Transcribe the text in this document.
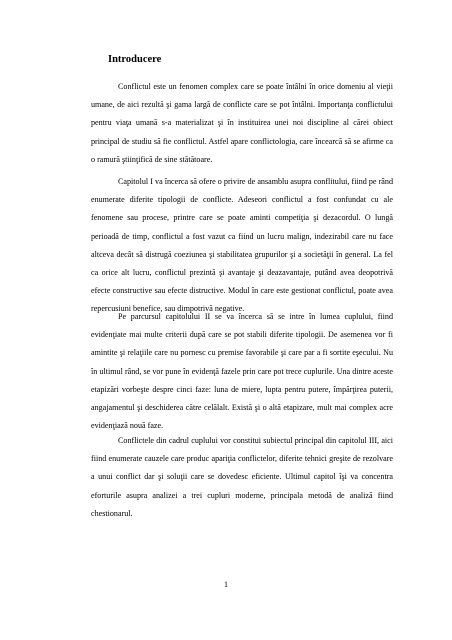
Introducere

Conflictul este un fenomen complex care se poate întâlni în orice domeniu al vieţii umane, de aici rezultă şi gama largă de conflicte care se pot întâlni. Importanţa conflictului pentru viaţa umană s-a materializat şi în instituirea unei noi discipline al cărei obiect principal de studiu să fie conflictul. Astfel apare conflictologia, care încearcă să se afirme ca o ramură ştiinţifică de sine stătătoare.

Capitolul I va încerca să ofere o privire de ansamblu asupra conflitului, fiind pe rând enumerate diferite tipologii de conflicte. Adeseori conflictul a fost confundat cu ale fenomene sau procese, printre care se poate aminti competiţia şi dezacordul. O lungă perioadă de timp, conflictul a fost vazut ca fiind un lucru malign, indezirabil care nu face altceva decât să distrugă coeziunea şi stabilitatea grupurilor şi a societăţii în general. La fel ca orice alt lucru, conflictul prezintă şi avantaje şi deazavantaje, putând avea deopotrivă efecte constructive sau efecte distructive. Modul în care este gestionat conflictul, poate avea repercusiuni benefice, sau dimpotrivă negative.

Pe parcursul capitolului II se va încerca să se intre în lumea cuplului, fiind evidenţiate mai multe criterii după care se pot stabili diferite tipologii. De asemenea vor fi amintite şi relaţiile care nu pornesc cu premise favorabile şi care par a fi sortite eşecului. Nu în ultimul rând, se vor pune în evidenţă fazele prin care pot trece cuplurile. Una dintre aceste etapizări vorbeşte despre cinci faze: luna de miere, lupta pentru putere, împărţirea puterii, angajamentul şi deschiderea către celălalt. Există şi o altă etapizare, mult mai complex acre evidenţiază nouă faze.

Conflictele din cadrul cuplului vor constitui subiectul principal din capitolul III, aici fiind enumerate cauzele care produc apariţia conflictelor, diferite tehnici greşite de rezolvare a unui conflict dar şi soluţii care se dovedesc eficiente. Ultimul capitol îşi va concentra eforturile asupra analizei a trei cupluri moderne, principala metodă de analiză fiind chestionarul.

1
